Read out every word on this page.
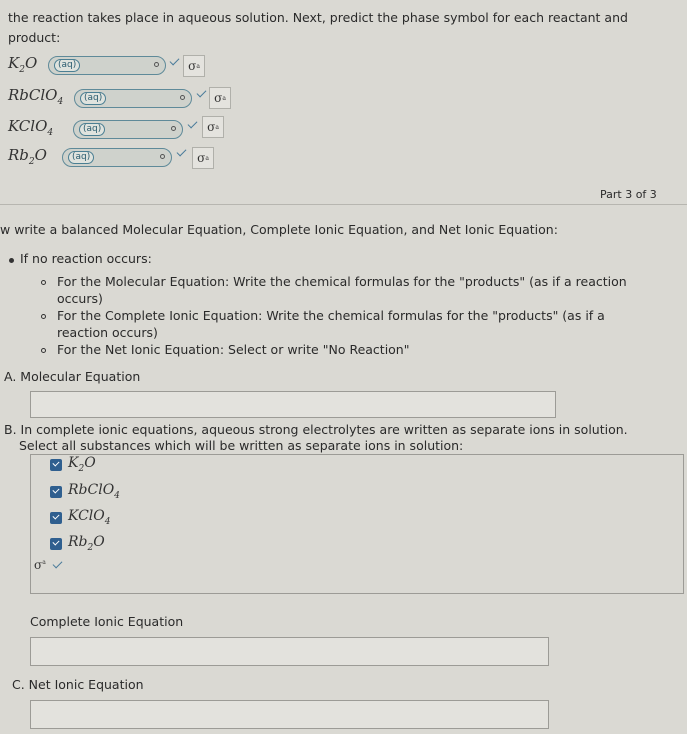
the reaction takes place in aqueous solution. Next, predict the phase symbol for each reactant and
product:
$K_2O$	(aq)	σ a
RbClO$_4$	(aq)	σ a
KClO$_4$	(aq)	σ a
$Rb_2O$	(aq)	σ a
Part 3 of 3
w write a balanced Molecular Equation, Complete Ionic Equation, and Net Ionic Equation:
If no reaction occurs:
For the Molecular Equation: Write the chemical formulas for the "products" (as if a reaction
occurs)
For the Complete Ionic Equation: Write the chemical formulas for the "products" (as if a
reaction occurs)
For the Net Ionic Equation: Select or write "No Reaction"
A. Molecular Equation
B. In complete ionic equations, aqueous strong electrolytes are written as separate ions in solution.
Select all substances which will be written as separate ions in solution:
$K_2O$
RbClO$_4$
KClO$_4$
$Rb_2O$
$\sigma^a$
Complete Ionic Equation
C. Net Ionic Equation
